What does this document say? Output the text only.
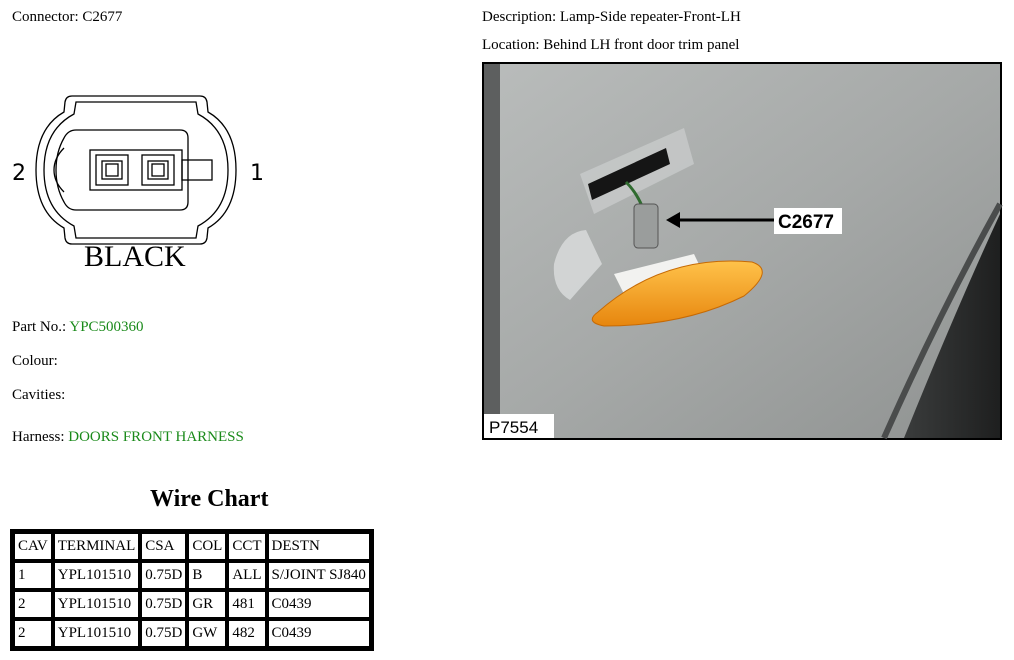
Connector: C2677	Description: Lamp-Side repeater-Front-LH
Location: Behind LH front door trim panel
2	1
BLACK
Part No.: YPC500360
Colour:
Cavities:
Harness: DOORS FRONT HARNESS
Wire Chart
CAV	TERMINAL	CSA	COL	CCT	DESTN
1	YPL101510	0.75D	B	ALL	S/JOINT SJ840
2	YPL101510	0.75D	GR	481	C0439
2	YPL101510	0.75D	GW	482	C0439
C2677
P7554
